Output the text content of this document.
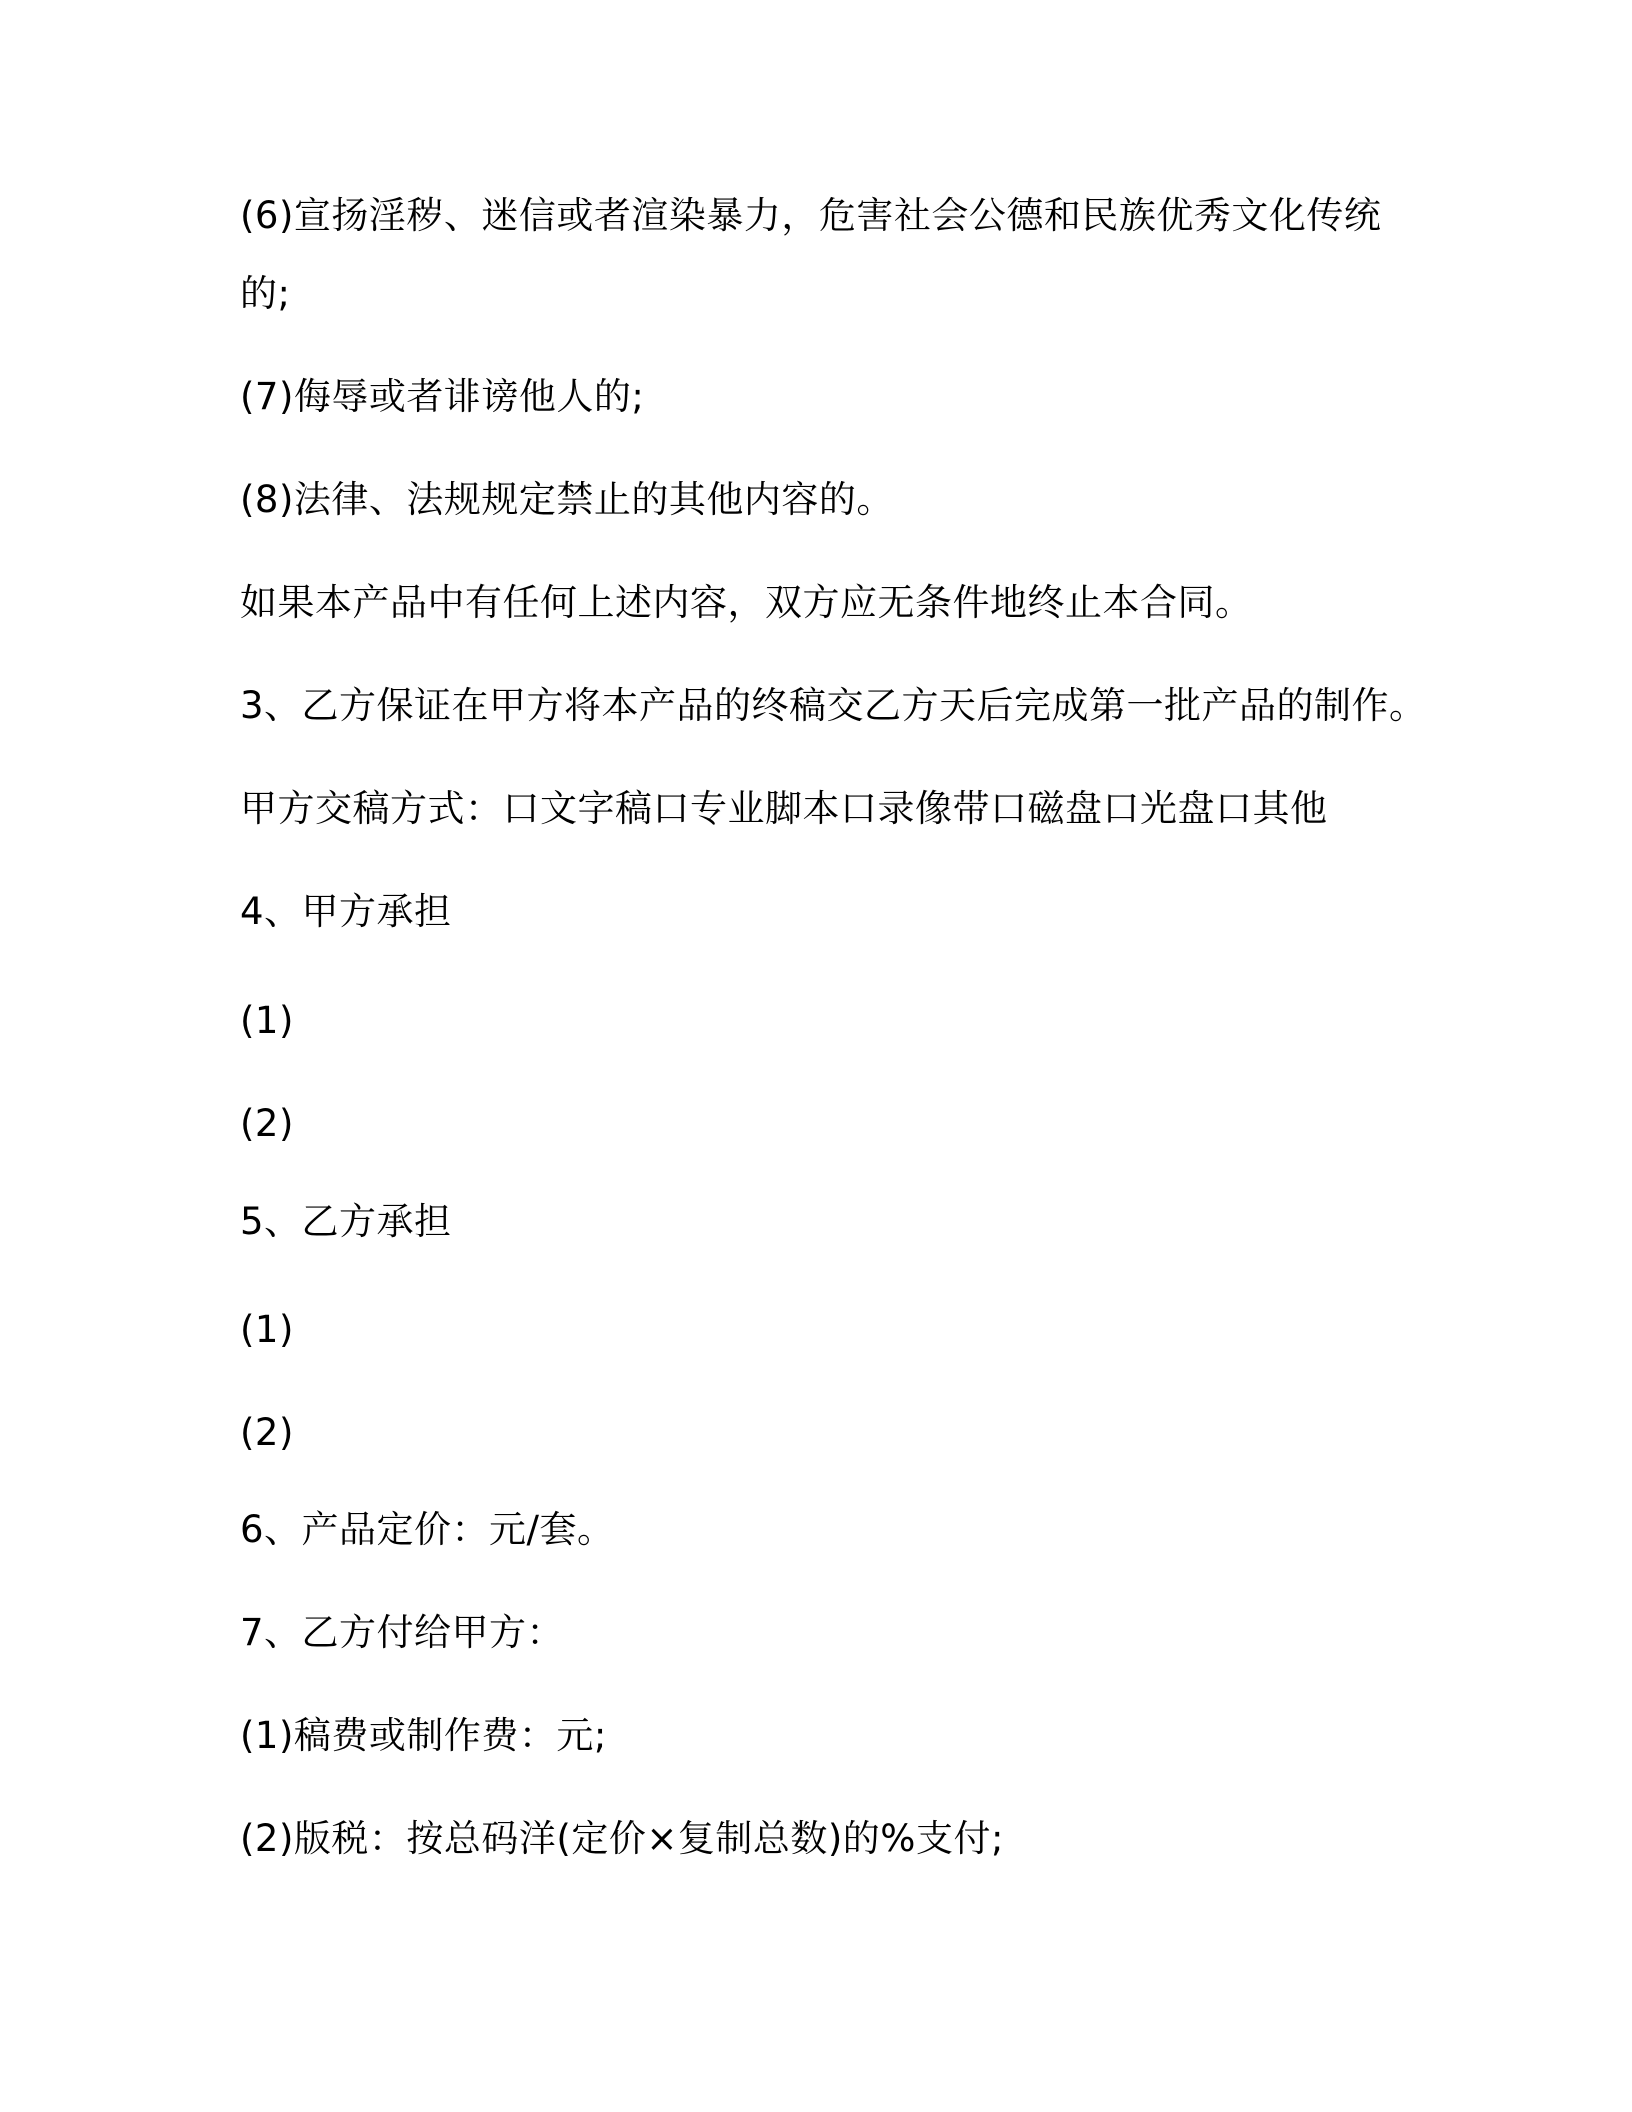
(6)宣扬淫秽、迷信或者渲染暴力，危害社会公德和民族优秀文化传统
的;
(7)侮辱或者诽谤他人的;
(8)法律、法规规定禁止的其他内容的。
如果本产品中有任何上述内容，双方应无条件地终止本合同。
3、乙方保证在甲方将本产品的终稿交乙方天后完成第一批产品的制作。
甲方交稿方式：口文字稿口专业脚本口录像带口磁盘口光盘口其他
4、甲方承担
(1)
(2)
5、乙方承担
(1)
(2)
6、产品定价：元/套。
7、乙方付给甲方：
(1)稿费或制作费：元;
(2)版税：按总码洋(定价×复制总数)的%支付;
